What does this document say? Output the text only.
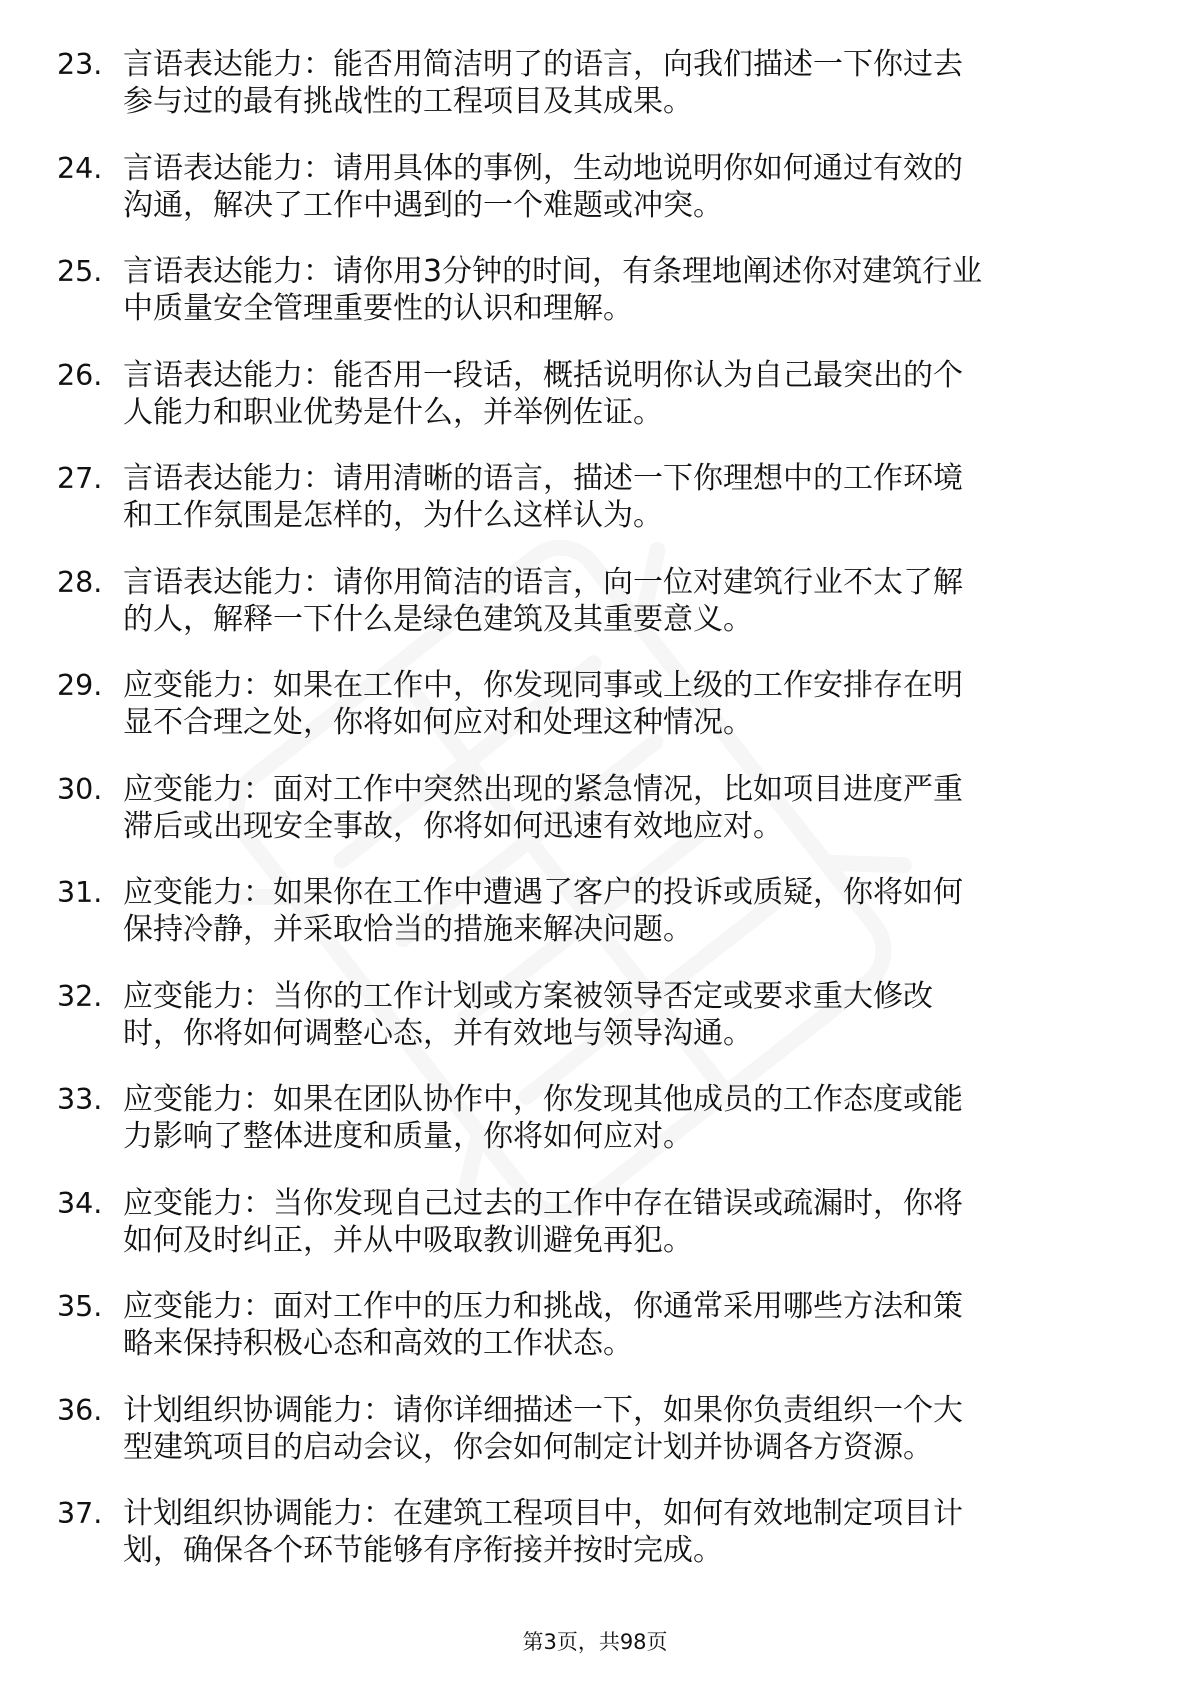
23. 言语表达能力：能否用简洁明了的语言，向我们描述一下你过去
参与过的最有挑战性的工程项目及其成果。
24. 言语表达能力：请用具体的事例，生动地说明你如何通过有效的
沟通，解决了工作中遇到的一个难题或冲突。
25. 言语表达能力：请你用3分钟的时间，有条理地阐述你对建筑行业
中质量安全管理重要性的认识和理解。
26. 言语表达能力：能否用一段话，概括说明你认为自己最突出的个
人能力和职业优势是什么，并举例佐证。
27. 言语表达能力：请用清晰的语言，描述一下你理想中的工作环境
和工作氛围是怎样的，为什么这样认为。
28. 言语表达能力：请你用简洁的语言，向一位对建筑行业不太了解
的人，解释一下什么是绿色建筑及其重要意义。
29. 应变能力：如果在工作中，你发现同事或上级的工作安排存在明
显不合理之处，你将如何应对和处理这种情况。
30. 应变能力：面对工作中突然出现的紧急情况，比如项目进度严重
滞后或出现安全事故，你将如何迅速有效地应对。
31. 应变能力：如果你在工作中遭遇了客户的投诉或质疑，你将如何
保持冷静，并采取恰当的措施来解决问题。
32. 应变能力：当你的工作计划或方案被领导否定或要求重大修改
时，你将如何调整心态，并有效地与领导沟通。
33. 应变能力：如果在团队协作中，你发现其他成员的工作态度或能
力影响了整体进度和质量，你将如何应对。
34. 应变能力：当你发现自己过去的工作中存在错误或疏漏时，你将
如何及时纠正，并从中吸取教训避免再犯。
35. 应变能力：面对工作中的压力和挑战，你通常采用哪些方法和策
略来保持积极心态和高效的工作状态。
36. 计划组织协调能力：请你详细描述一下，如果你负责组织一个大
型建筑项目的启动会议，你会如何制定计划并协调各方资源。
37. 计划组织协调能力：在建筑工程项目中，如何有效地制定项目计
划，确保各个环节能够有序衔接并按时完成。
第3页，共98页
